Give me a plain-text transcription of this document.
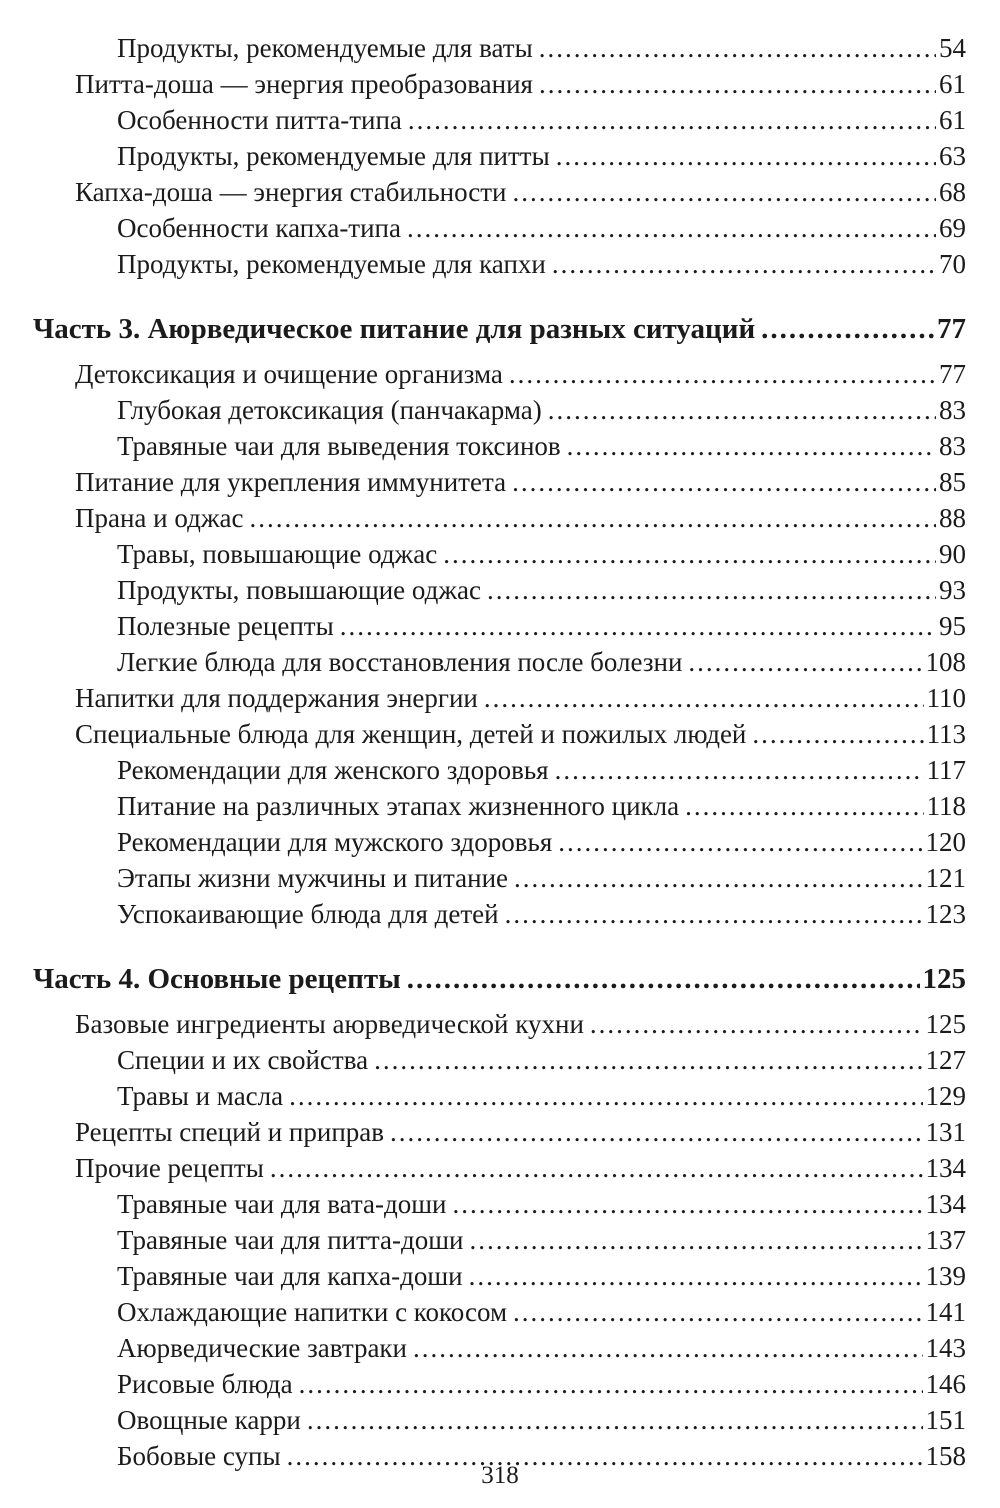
Продукты, рекомендуемые для ваты .....	54
Питта-доша — энергия преобразования .....	61
Особенности питта-типа .....	61
Продукты, рекомендуемые для питты .....	63
Капха-доша — энергия стабильности .....	68
Особенности капха-типа .....	69
Продукты, рекомендуемые для капхи .....	70
Часть 3. Аюрведическое питание для разных ситуаций .....	77
Детоксикация и очищение организма .....	77
Глубокая детоксикация (панчакарма) .....	83
Травяные чаи для выведения токсинов .....	83
Питание для укрепления иммунитета .....	85
Прана и оджас .....	88
Травы, повышающие оджас .....	90
Продукты, повышающие оджас .....	93
Полезные рецепты .....	95
Легкие блюда для восстановления после болезни .....	108
Напитки для поддержания энергии .....	110
Специальные блюда для женщин, детей и пожилых людей .....	113
Рекомендации для женского здоровья .....	117
Питание на различных этапах жизненного цикла .....	118
Рекомендации для мужского здоровья .....	120
Этапы жизни мужчины и питание .....	121
Успокаивающие блюда для детей .....	123
Часть 4. Основные рецепты .....	125
Базовые ингредиенты аюрведической кухни .....	125
Специи и их свойства .....	127
Травы и масла .....	129
Рецепты специй и приправ .....	131
Прочие рецепты .....	134
Травяные чаи для вата-доши .....	134
Травяные чаи для питта-доши .....	137
Травяные чаи для капха-доши .....	139
Охлаждающие напитки с кокосом .....	141
Аюрведические завтраки .....	143
Рисовые блюда .....	146
Овощные карри .....	151
Бобовые супы .....	158
318
